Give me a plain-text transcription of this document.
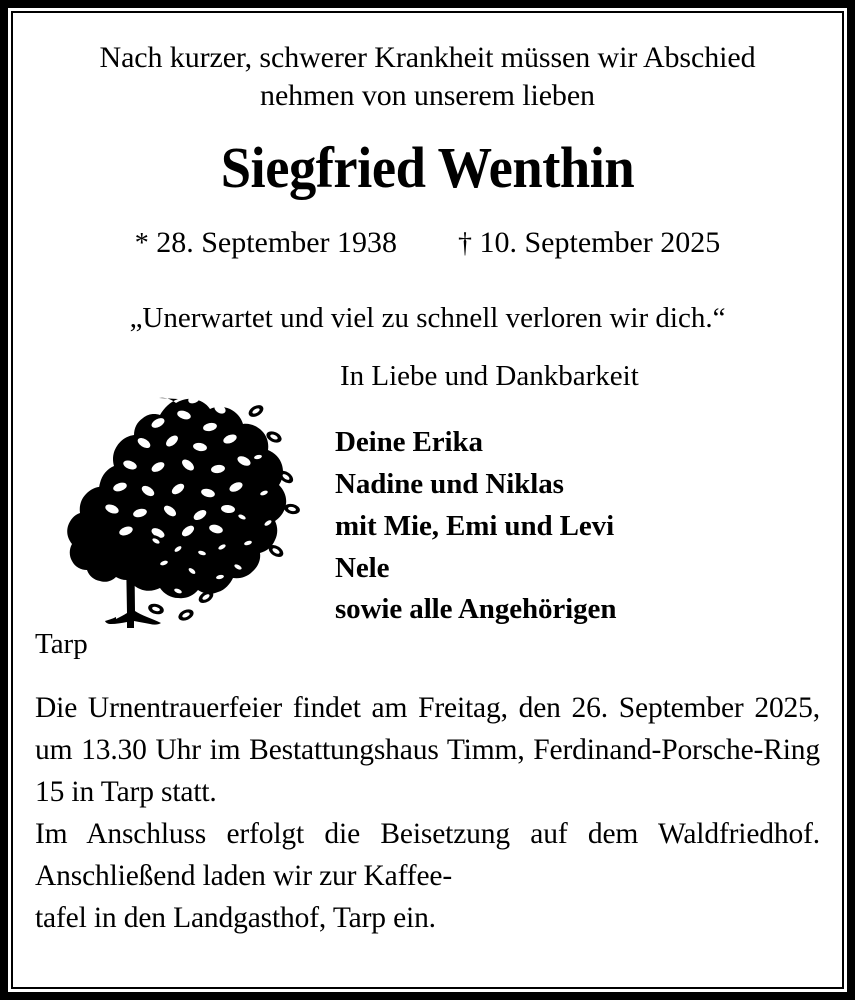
Nach kurzer, schwerer Krankheit müssen wir Abschied
nehmen von unserem lieben
Siegfried Wenthin
* 28. September 1938 † 10. September 2025
„Unerwartet und viel zu schnell verloren wir dich.“
In Liebe und Dankbarkeit
Deine Erika
Nadine und Niklas
mit Mie, Emi und Levi
Nele
sowie alle Angehörigen
Tarp

Die Urnentrauerfeier findet am Freitag, den 26. September 2025, um 13.30 Uhr im Bestattungshaus Timm, Ferdinand-Porsche-Ring 15 in Tarp statt.

Im Anschluss erfolgt die Beisetzung auf dem Waldfriedhof. Anschließend laden wir zur Kaffee-

tafel in den Landgasthof, Tarp ein.
